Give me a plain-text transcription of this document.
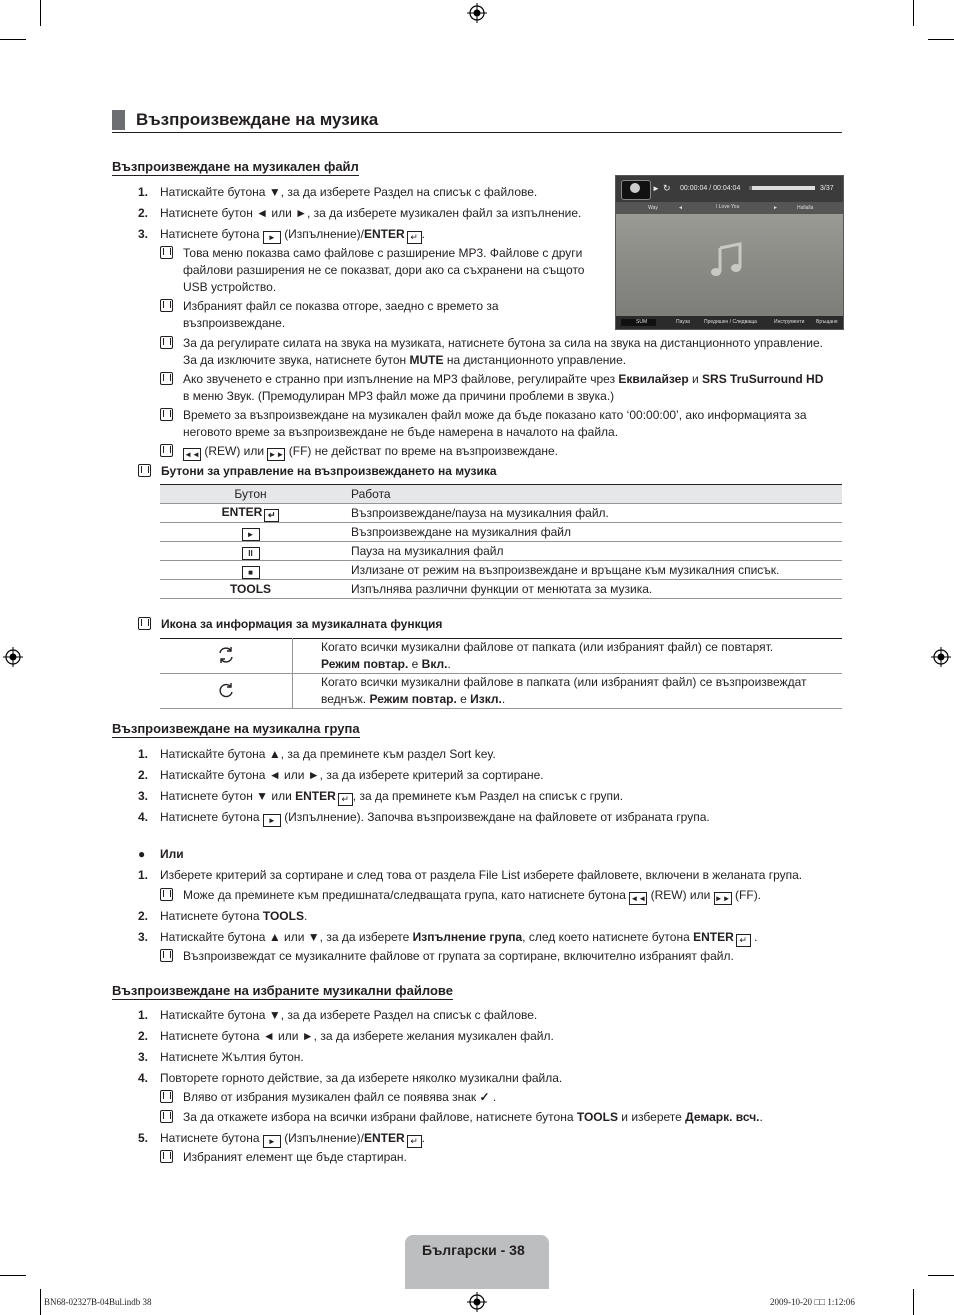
Възпроизвеждане на музика
Възпроизвеждане на музикален файл
1. Натискайте бутона ▼, за да изберете Раздел на списък с файлове.
2. Натиснете бутон ◄ или ►, за да изберете музикален файл за изпълнение.
3. Натиснете бутона ► (Изпълнение)/ENTER ↵ .
Това меню показва само файлове с разширение MP3. Файлове с други
файлови разширения не се показват, дори ако са съхранени на същото
USB устройство.
Избраният файл се показва отгоре, заедно с времето за
възпроизвеждане.
За да регулирате силата на звука на музиката, натиснете бутона за сила на звука на дистанционното управление.
За да изключите звука, натиснете бутон MUTE на дистанционното управление.
Ако звученето е странно при изпълнение на MP3 файлове, регулирайте чрез Еквилайзер и SRS TruSurround HD
в меню Звук. (Премодулиран MP3 файл може да причини проблеми в звука.)
Времето за възпроизвеждане на музикален файл може да бъде показано като ‘00:00:00’, ако информацията за
неговото време за възпроизвеждане не бъде намерена в началото на файла.
◄◄ (REW) или ►► (FF) не действат по време на възпроизвеждане.
► ↻ 00:00:04 / 00:04:04	3/37
Way	◄	I Love You	►	Hallalla
SUM	Пауза	Предишен / Следваща	Инструменти Връщане
Бутони за управление на възпроизвеждането на музика
Бутон	Работа
ENTER ↵	Възпроизвеждане/пауза на музикалния файл.
►	Възпроизвеждане на музикалния файл
II	Пауза на музикалния файл
■	Излизане от режим на възпроизвеждане и връщане към музикалния списък.
TOOLS	Изпълнява различни функции от менютата за музика.
Икона за информация за музикалната функция

Когато всички музикални файлове от папката (или избраният файл) се повтарят.
Режим повтар. е Вкл..

Когато всички музикални файлове в папката (или избраният файл) се възпроизвеждат
веднъж. Режим повтар. е Изкл..
Възпроизвеждане на музикална група
1. Натискайте бутона ▲, за да преминете към раздел Sort key.
2. Натискайте бутона ◄ или ►, за да изберете критерий за сортиране.
3. Натиснете бутон ▼ или ENTER ↵ , за да преминете към Раздел на списък с групи.
4. Натиснете бутона ► (Изпълнение). Започва възпроизвеждане на файловете от избраната група.
● Или
1. Изберете критерий за сортиране и след това от раздела File List изберете файловете, включени в желаната група.
Може да преминете към предишната/следващата група, като натиснете бутона ◄◄ (REW) или ►► (FF).
2. Натиснете бутона TOOLS.
3. Натискайте бутона ▲ или ▼, за да изберете Изпълнение група, след което натиснете бутона ENTER ↵ .
Възпроизвеждат се музикалните файлове от групата за сортиране, включително избраният файл.
Възпроизвеждане на избраните музикални файлове
1. Натискайте бутона ▼, за да изберете Раздел на списък с файлове.
2. Натиснете бутона ◄ или ►, за да изберете желания музикален файл.
3. Натиснете Жълтия бутон.
4. Повторете горното действие, за да изберете няколко музикални файла.
Вляво от избрания музикален файл се появява знак ✓ .
За да откажете избора на всички избрани файлове, натиснете бутона TOOLS и изберете Демарк. всч..
5. Натиснете бутона ► (Изпълнение)/ENTER ↵ .
Избраният елемент ще бъде стартиран.
Български - 38
BN68-02327B-04Bul.indb 38	2009-10-20 □□ 1:12:06
